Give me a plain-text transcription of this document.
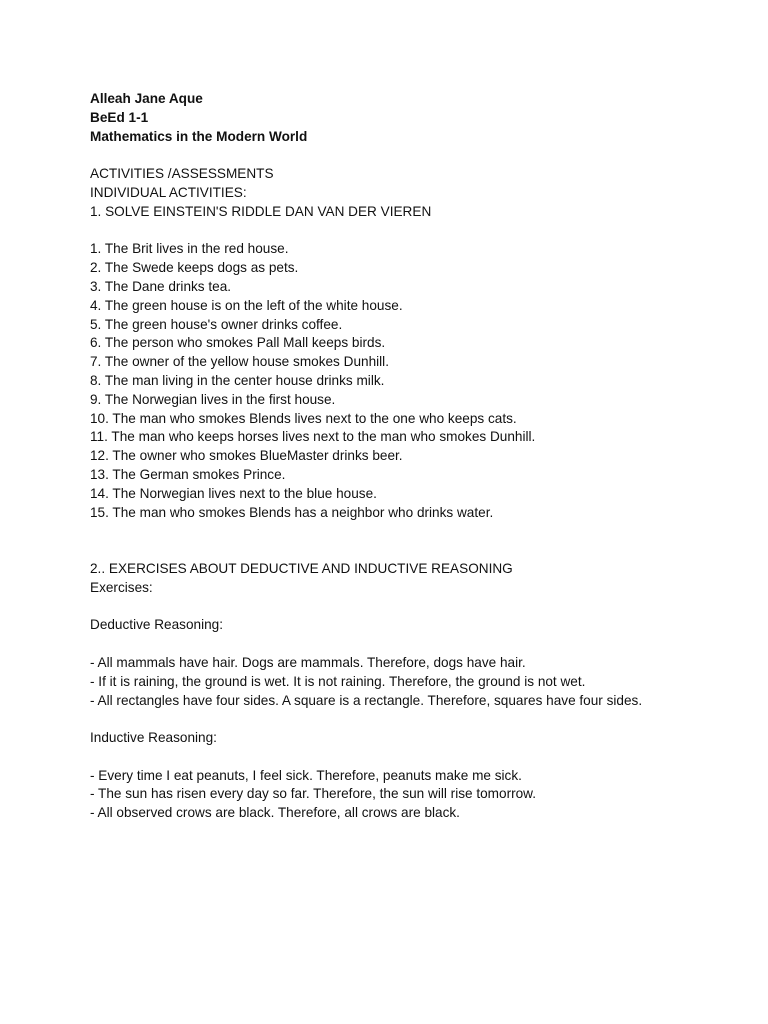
Alleah Jane Aque
BeEd 1-1
Mathematics in the Modern World
ACTIVITIES /ASSESSMENTS
INDIVIDUAL ACTIVITIES:
1. SOLVE EINSTEIN'S RIDDLE DAN VAN DER VIEREN
1. The Brit lives in the red house.
2. The Swede keeps dogs as pets.
3. The Dane drinks tea.
4. The green house is on the left of the white house.
5. The green house's owner drinks coffee.
6. The person who smokes Pall Mall keeps birds.
7. The owner of the yellow house smokes Dunhill.
8. The man living in the center house drinks milk.
9. The Norwegian lives in the first house.
10. The man who smokes Blends lives next to the one who keeps cats.
11. The man who keeps horses lives next to the man who smokes Dunhill.
12. The owner who smokes BlueMaster drinks beer.
13. The German smokes Prince.
14. The Norwegian lives next to the blue house.
15. The man who smokes Blends has a neighbor who drinks water.
2.. EXERCISES ABOUT DEDUCTIVE AND INDUCTIVE REASONING
Exercises:
Deductive Reasoning:
- All mammals have hair. Dogs are mammals. Therefore, dogs have hair.
- If it is raining, the ground is wet. It is not raining. Therefore, the ground is not wet.
- All rectangles have four sides. A square is a rectangle. Therefore, squares have four sides.
Inductive Reasoning:
- Every time I eat peanuts, I feel sick. Therefore, peanuts make me sick.
- The sun has risen every day so far. Therefore, the sun will rise tomorrow.
- All observed crows are black. Therefore, all crows are black.
